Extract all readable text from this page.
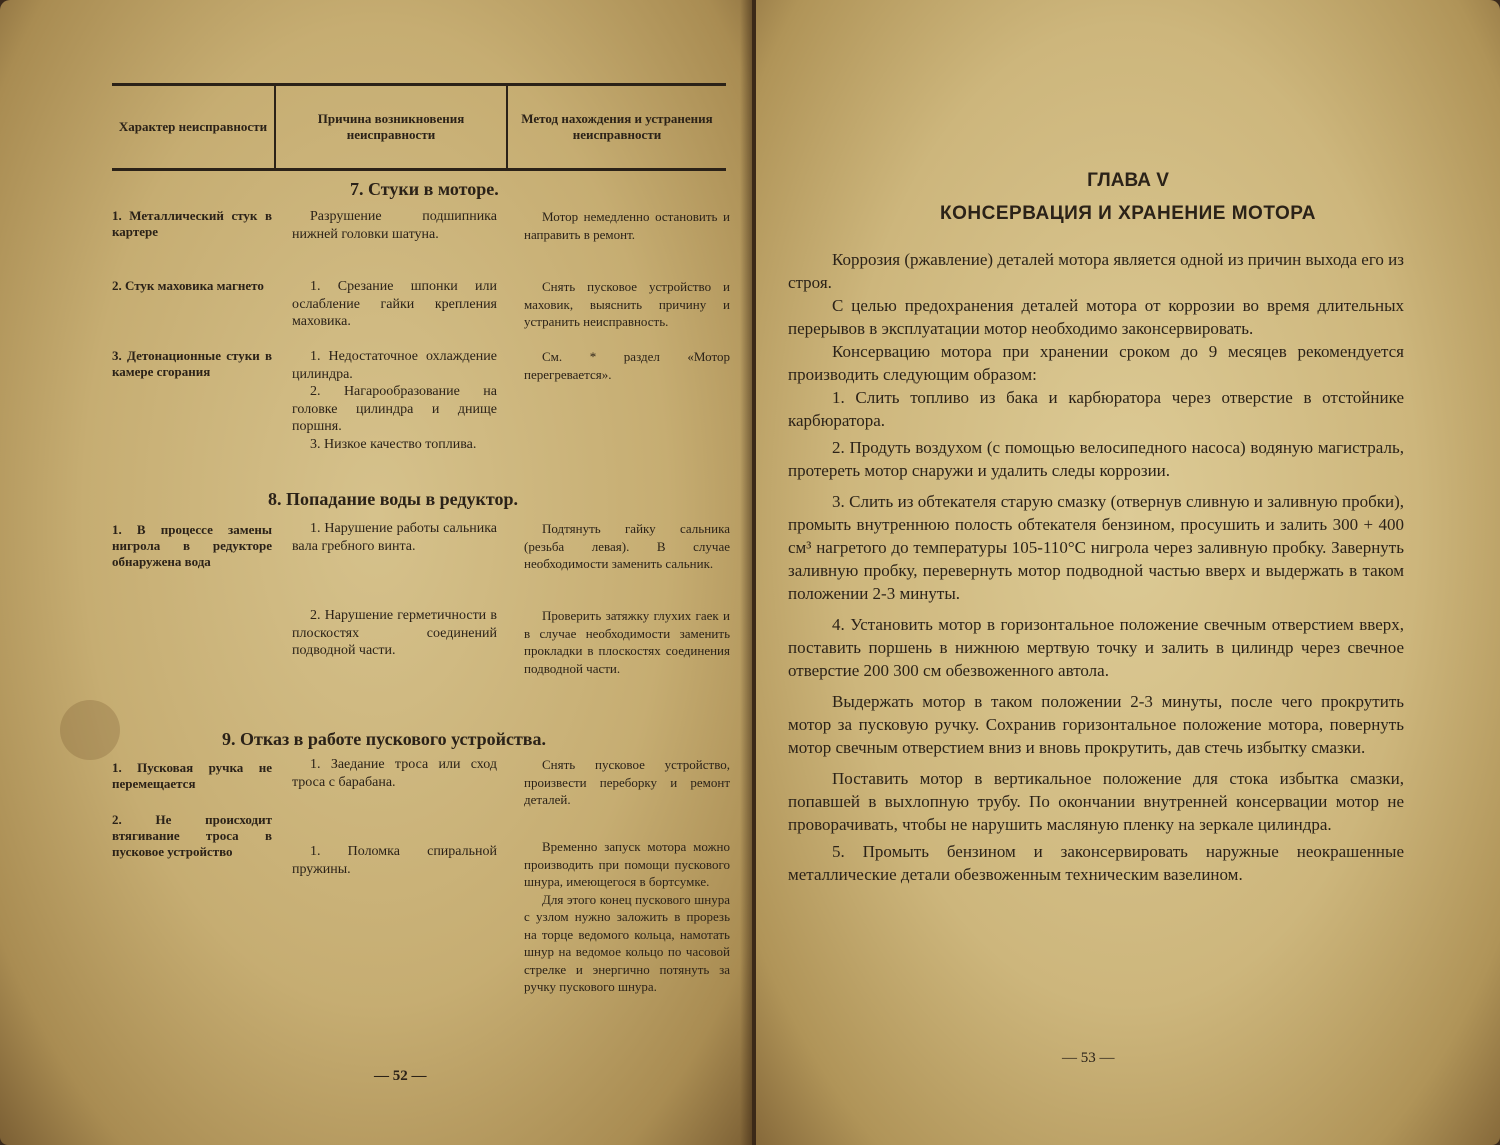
Характер неисправности
Причина возникновения неисправности
Метод нахождения и устранения неисправности
7. Стуки в моторе.
1. Металлический стук в картере
Разрушение подшипника нижней головки шатуна.
Мотор немедленно остановить и направить в ремонт.
2. Стук маховика магнето	1. Срезание шпонки или ослабление гайки крепления маховика.
Снять пусковое устройство и маховик, выяснить причину и устранить неисправность.
3. Детонационные стуки в камере сгорания

1. Недостаточное охлаждение цилиндра.

2. Нагарообразование на головке цилиндра и днище поршня.

3. Низкое качество топлива.

См. * раздел «Мотор перегревается».
8. Попадание воды в редуктор.
1. В процессе замены нигрола в редукторе обнаружена вода
1. Нарушение работы сальника вала гребного винта.
Подтянуть гайку сальника (резьба левая). В случае необходимости заменить сальник.
2. Нарушение герметичности в плоскостях соединений подводной части.
Проверить затяжку глухих гаек и в случае необходимости заменить прокладки в плоскостях соединения подводной части.
9. Отказ в работе пускового устройства.
1. Пусковая ручка не перемещается
1. Заедание троса или сход троса с барабана.
Снять пусковое устройство, произвести переборку и ремонт деталей.
2. Не происходит втягивание троса в пусковое устройство	1. Поломка спиральной пружины.

Временно запуск мотора можно производить при помощи пускового шнура, имеющегося в бортсумке.

Для этого конец пускового шнура с узлом нужно заложить в прорезь на торце ведомого кольца, намотать шнур на ведомое кольцо по часовой стрелке и энергично потянуть за ручку пускового шнура.

— 52 —
ГЛАВА V
КОНСЕРВАЦИЯ И ХРАНЕНИЕ МОТОРА

Коррозия (ржавление) деталей мотора является одной из причин выхода его из строя.

С целью предохранения деталей мотора от коррозии во время длительных перерывов в эксплуатации мотор необходимо законсервировать.

Консервацию мотора при хранении сроком до 9 месяцев рекомендуется производить следующим образом:

1. Слить топливо из бака и карбюратора через отверстие в отстойнике карбюратора.

2. Продуть воздухом (с помощью велосипедного насоса) водяную магистраль, протереть мотор снаружи и удалить следы коррозии.

3. Слить из обтекателя старую смазку (отвернув сливную и заливную пробки), промыть внутреннюю полость обтекателя бензином, просушить и залить 300 + 400 см³ нагретого до температуры 105-110°С нигрола через заливную пробку. Завернуть заливную пробку, перевернуть мотор подводной частью вверх и выдержать в таком положении 2-3 минуты.

4. Установить мотор в горизонтальное положение свечным отверстием вверх, поставить поршень в нижнюю мертвую точку и залить в цилиндр через свечное отверстие 200 300 см обезвоженного автола.

Выдержать мотор в таком положении 2-3 минуты, после чего прокрутить мотор за пусковую ручку. Сохранив горизонтальное положение мотора, повернуть мотор свечным отверстием вниз и вновь прокрутить, дав стечь избытку смазки.

Поставить мотор в вертикальное положение для стока избытка смазки, попавшей в выхлопную трубу. По окончании внутренней консервации мотор не проворачивать, чтобы не нарушить масляную пленку на зеркале цилиндра.

5. Промыть бензином и законсервировать наружные неокрашенные металлические детали обезвоженным техническим вазелином.

— 53 —
